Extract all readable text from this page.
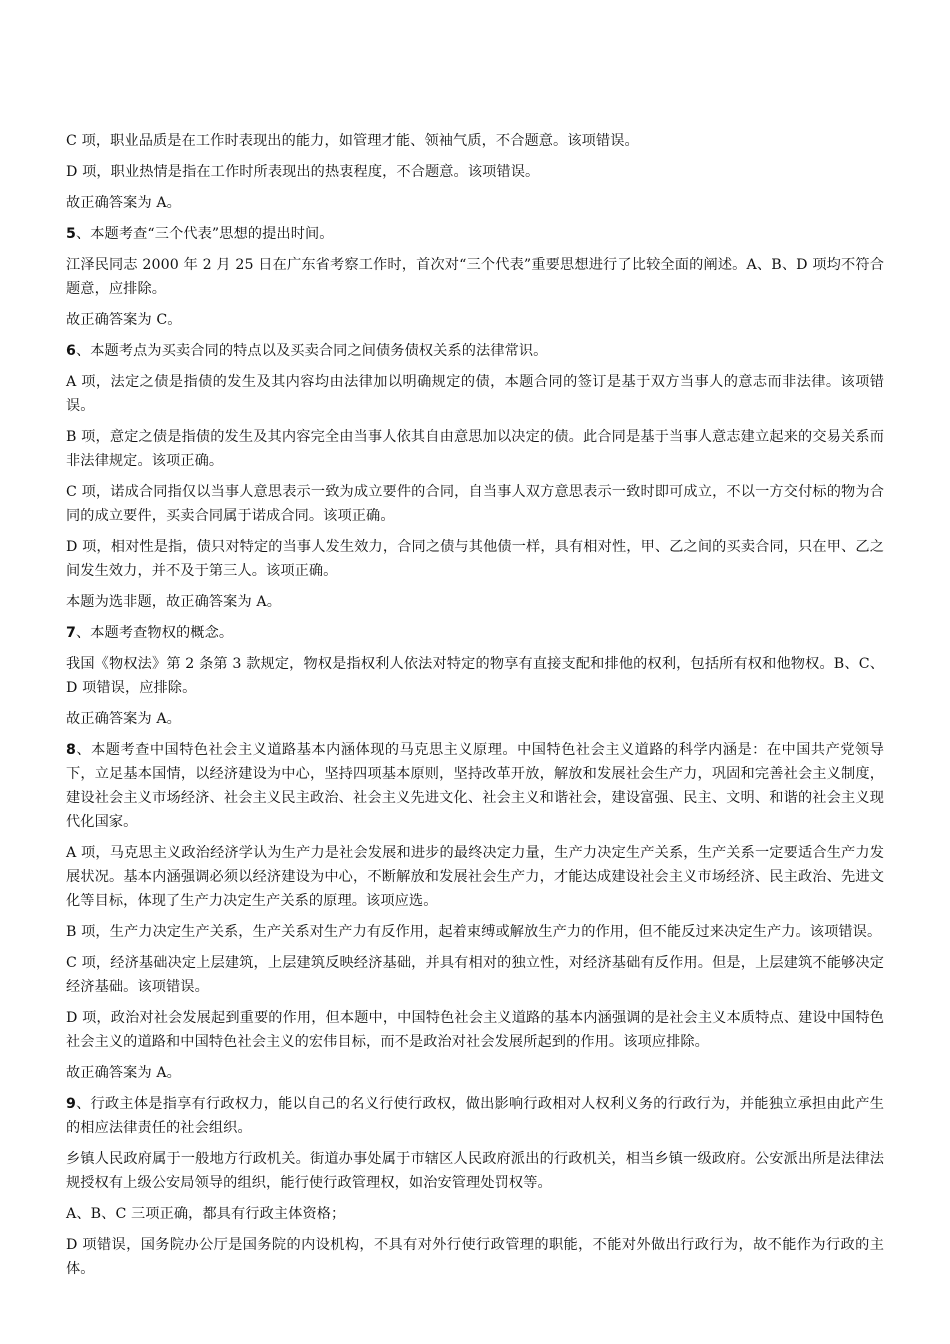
C 项，职业品质是在工作时表现出的能力，如管理才能、领袖气质，不合题意。该项错误。

D 项，职业热情是指在工作时所表现出的热衷程度，不合题意。该项错误。

故正确答案为 A。

5、本题考查“三个代表”思想的提出时间。

江泽民同志 2000 年 2 月 25 日在广东省考察工作时，首次对“三个代表”重要思想进行了比较全面的阐述。A、B、D 项均不符合题意，应排除。

故正确答案为 C。

6、本题考点为买卖合同的特点以及买卖合同之间债务债权关系的法律常识。

A 项，法定之债是指债的发生及其内容均由法律加以明确规定的债，本题合同的签订是基于双方当事人的意志而非法律。该项错误。

B 项，意定之债是指债的发生及其内容完全由当事人依其自由意思加以决定的债。此合同是基于当事人意志建立起来的交易关系而非法律规定。该项正确。

C 项，诺成合同指仅以当事人意思表示一致为成立要件的合同，自当事人双方意思表示一致时即可成立，不以一方交付标的物为合同的成立要件，买卖合同属于诺成合同。该项正确。

D 项，相对性是指，债只对特定的当事人发生效力，合同之债与其他债一样，具有相对性，甲、乙之间的买卖合同，只在甲、乙之间发生效力，并不及于第三人。该项正确。

本题为选非题，故正确答案为 A。

7、本题考查物权的概念。

我国《物权法》第 2 条第 3 款规定，物权是指权利人依法对特定的物享有直接支配和排他的权利，包括所有权和他物权。B、C、D 项错误，应排除。

故正确答案为 A。

8、本题考查中国特色社会主义道路基本内涵体现的马克思主义原理。中国特色社会主义道路的科学内涵是：在中国共产党领导下，立足基本国情，以经济建设为中心，坚持四项基本原则，坚持改革开放，解放和发展社会生产力，巩固和完善社会主义制度，建设社会主义市场经济、社会主义民主政治、社会主义先进文化、社会主义和谐社会，建设富强、民主、文明、和谐的社会主义现代化国家。

A 项，马克思主义政治经济学认为生产力是社会发展和进步的最终决定力量，生产力决定生产关系，生产关系一定要适合生产力发展状况。基本内涵强调必须以经济建设为中心，不断解放和发展社会生产力，才能达成建设社会主义市场经济、民主政治、先进文化等目标，体现了生产力决定生产关系的原理。该项应选。

B 项，生产力决定生产关系，生产关系对生产力有反作用，起着束缚或解放生产力的作用，但不能反过来决定生产力。该项错误。

C 项，经济基础决定上层建筑，上层建筑反映经济基础，并具有相对的独立性，对经济基础有反作用。但是，上层建筑不能够决定经济基础。该项错误。

D 项，政治对社会发展起到重要的作用，但本题中，中国特色社会主义道路的基本内涵强调的是社会主义本质特点、建设中国特色社会主义的道路和中国特色社会主义的宏伟目标，而不是政治对社会发展所起到的作用。该项应排除。

故正确答案为 A。

9、行政主体是指享有行政权力，能以自己的名义行使行政权，做出影响行政相对人权利义务的行政行为，并能独立承担由此产生的相应法律责任的社会组织。

乡镇人民政府属于一般地方行政机关。街道办事处属于市辖区人民政府派出的行政机关，相当乡镇一级政府。公安派出所是法律法规授权有上级公安局领导的组织，能行使行政管理权，如治安管理处罚权等。

A、B、C 三项正确，都具有行政主体资格；

D 项错误，国务院办公厅是国务院的内设机构，不具有对外行使行政管理的职能，不能对外做出行政行为，故不能作为行政的主体。
